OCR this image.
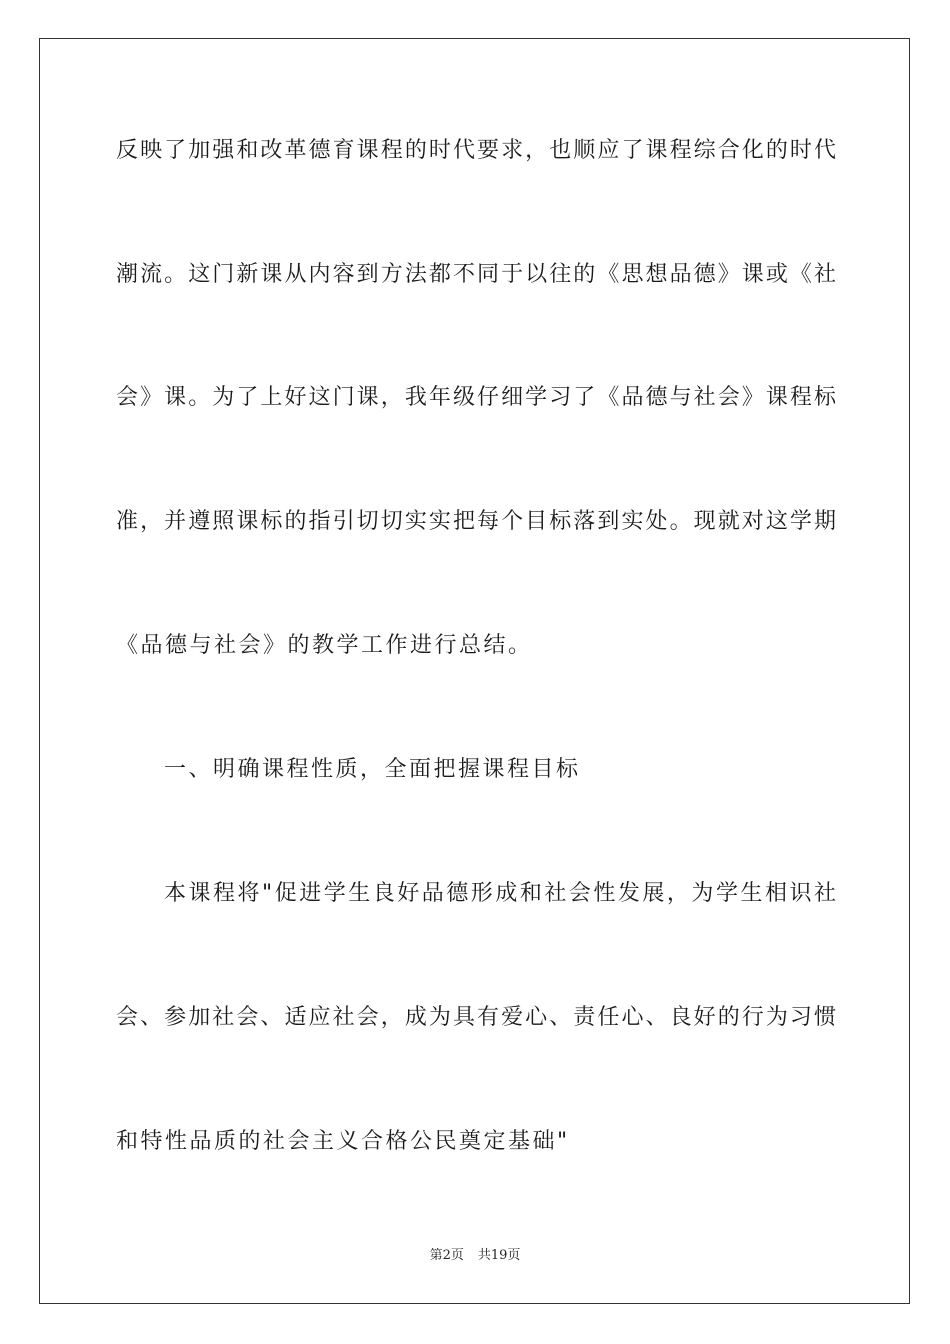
反映了加强和改革德育课程的时代要求，也顺应了课程综合化的时代
潮流。这门新课从内容到方法都不同于以往的《思想品德》课或《社
会》课。为了上好这门课，我年级仔细学习了《品德与社会》课程标
准，并遵照课标的指引切切实实把每个目标落到实处。现就对这学期
《品德与社会》的教学工作进行总结。
一、明确课程性质，全面把握课程目标
本课程将"促进学生良好品德形成和社会性发展，为学生相识社
会、参加社会、适应社会，成为具有爱心、责任心、良好的行为习惯
和特性品质的社会主义合格公民奠定基础"
第2页 共19页
